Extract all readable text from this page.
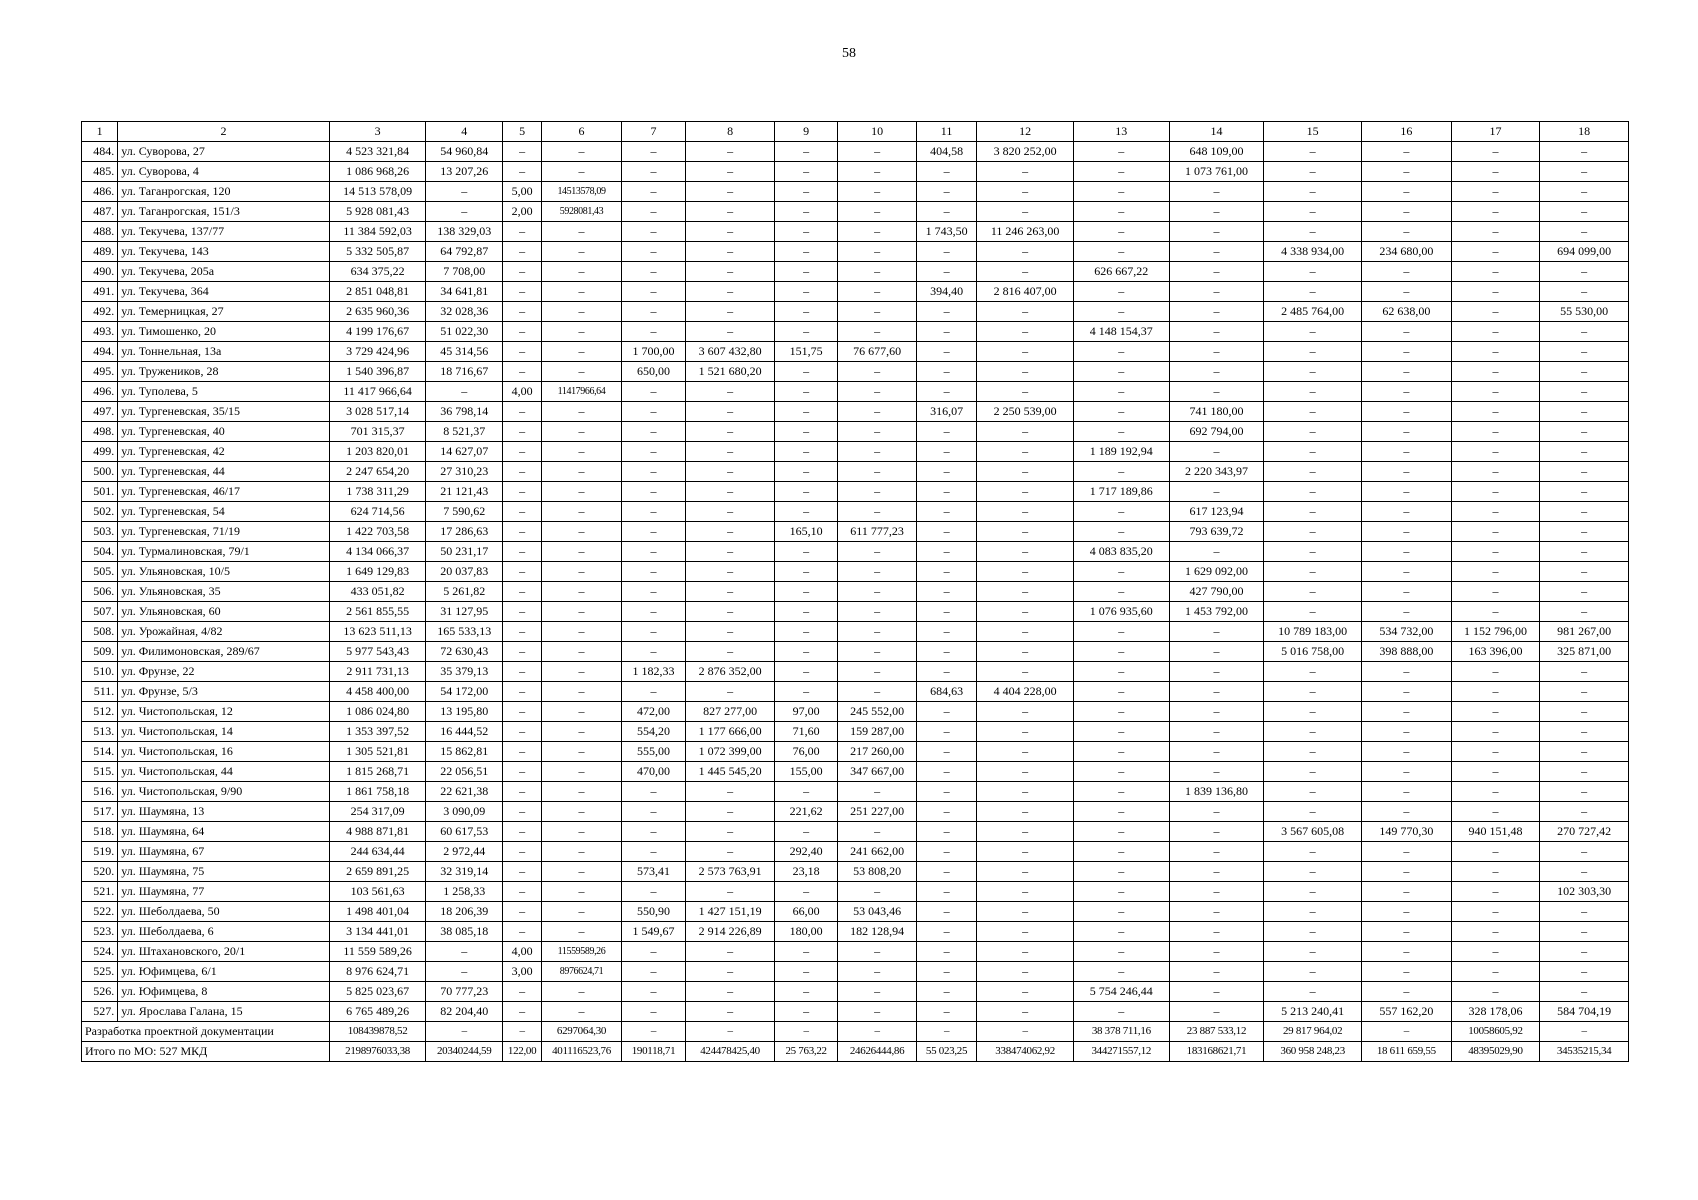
58
1	2	3	4	5	6	7	8	9	10	11	12	13	14	15	16	17	18
484.	ул. Суворова, 27	4 523 321,84	54 960,84	–	–	–	–	–	–	404,58	3 820 252,00	–	648 109,00	–	–	–	–
485.	ул. Суворова, 4	1 086 968,26	13 207,26	–	–	–	–	–	–	–	–	–	1 073 761,00	–	–	–	–
486.	ул. Таганрогская, 120	14 513 578,09	–	5,00	14513578,09	–	–	–	–	–	–	–	–	–	–	–	–
487.	ул. Таганрогская, 151/3	5 928 081,43	–	2,00	5928081,43	–	–	–	–	–	–	–	–	–	–	–	–
488.	ул. Текучева, 137/77	11 384 592,03	138 329,03	–	–	–	–	–	–	1 743,50	11 246 263,00	–	–	–	–	–	–
489.	ул. Текучева, 143	5 332 505,87	64 792,87	–	–	–	–	–	–	–	–	–	–	4 338 934,00	234 680,00	–	694 099,00
490.	ул. Текучева, 205а	634 375,22	7 708,00	–	–	–	–	–	–	–	–	626 667,22	–	–	–	–	–
491.	ул. Текучева, 364	2 851 048,81	34 641,81	–	–	–	–	–	–	394,40	2 816 407,00	–	–	–	–	–	–
492.	ул. Темерницкая, 27	2 635 960,36	32 028,36	–	–	–	–	–	–	–	–	–	–	2 485 764,00	62 638,00	–	55 530,00
493.	ул. Тимошенко, 20	4 199 176,67	51 022,30	–	–	–	–	–	–	–	–	4 148 154,37	–	–	–	–	–
494.	ул. Тоннельная, 13а	3 729 424,96	45 314,56	–	–	1 700,00	3 607 432,80	151,75	76 677,60	–	–	–	–	–	–	–	–
495.	ул. Тружеников, 28	1 540 396,87	18 716,67	–	–	650,00	1 521 680,20	–	–	–	–	–	–	–	–	–	–
496.	ул. Туполева, 5	11 417 966,64	–	4,00	11417966,64	–	–	–	–	–	–	–	–	–	–	–	–
497.	ул. Тургеневская, 35/15	3 028 517,14	36 798,14	–	–	–	–	–	–	316,07	2 250 539,00	–	741 180,00	–	–	–	–
498.	ул. Тургеневская, 40	701 315,37	8 521,37	–	–	–	–	–	–	–	–	–	692 794,00	–	–	–	–
499.	ул. Тургеневская, 42	1 203 820,01	14 627,07	–	–	–	–	–	–	–	–	1 189 192,94	–	–	–	–	–
500.	ул. Тургеневская, 44	2 247 654,20	27 310,23	–	–	–	–	–	–	–	–	–	2 220 343,97	–	–	–	–
501.	ул. Тургеневская, 46/17	1 738 311,29	21 121,43	–	–	–	–	–	–	–	–	1 717 189,86	–	–	–	–	–
502.	ул. Тургеневская, 54	624 714,56	7 590,62	–	–	–	–	–	–	–	–	–	617 123,94	–	–	–	–
503.	ул. Тургеневская, 71/19	1 422 703,58	17 286,63	–	–	–	–	165,10	611 777,23	–	–	–	793 639,72	–	–	–	–
504.	ул. Турмалиновская, 79/1	4 134 066,37	50 231,17	–	–	–	–	–	–	–	–	4 083 835,20	–	–	–	–	–
505.	ул. Ульяновская, 10/5	1 649 129,83	20 037,83	–	–	–	–	–	–	–	–	–	1 629 092,00	–	–	–	–
506.	ул. Ульяновская, 35	433 051,82	5 261,82	–	–	–	–	–	–	–	–	–	427 790,00	–	–	–	–
507.	ул. Ульяновская, 60	2 561 855,55	31 127,95	–	–	–	–	–	–	–	–	1 076 935,60	1 453 792,00	–	–	–	–
508.	ул. Урожайная, 4/82	13 623 511,13	165 533,13	–	–	–	–	–	–	–	–	–	–	10 789 183,00	534 732,00	1 152 796,00	981 267,00
509.	ул. Филимоновская, 289/67	5 977 543,43	72 630,43	–	–	–	–	–	–	–	–	–	–	5 016 758,00	398 888,00	163 396,00	325 871,00
510.	ул. Фрунзе, 22	2 911 731,13	35 379,13	–	–	1 182,33	2 876 352,00	–	–	–	–	–	–	–	–	–	–
511.	ул. Фрунзе, 5/3	4 458 400,00	54 172,00	–	–	–	–	–	–	684,63	4 404 228,00	–	–	–	–	–	–
512.	ул. Чистопольская, 12	1 086 024,80	13 195,80	–	–	472,00	827 277,00	97,00	245 552,00	–	–	–	–	–	–	–	–
513.	ул. Чистопольская, 14	1 353 397,52	16 444,52	–	–	554,20	1 177 666,00	71,60	159 287,00	–	–	–	–	–	–	–	–
514.	ул. Чистопольская, 16	1 305 521,81	15 862,81	–	–	555,00	1 072 399,00	76,00	217 260,00	–	–	–	–	–	–	–	–
515.	ул. Чистопольская, 44	1 815 268,71	22 056,51	–	–	470,00	1 445 545,20	155,00	347 667,00	–	–	–	–	–	–	–	–
516.	ул. Чистопольская, 9/90	1 861 758,18	22 621,38	–	–	–	–	–	–	–	–	–	1 839 136,80	–	–	–	–
517.	ул. Шаумяна, 13	254 317,09	3 090,09	–	–	–	–	221,62	251 227,00	–	–	–	–	–	–	–	–
518.	ул. Шаумяна, 64	4 988 871,81	60 617,53	–	–	–	–	–	–	–	–	–	–	3 567 605,08	149 770,30	940 151,48	270 727,42
519.	ул. Шаумяна, 67	244 634,44	2 972,44	–	–	–	–	292,40	241 662,00	–	–	–	–	–	–	–	–
520.	ул. Шаумяна, 75	2 659 891,25	32 319,14	–	–	573,41	2 573 763,91	23,18	53 808,20	–	–	–	–	–	–	–	–
521.	ул. Шаумяна, 77	103 561,63	1 258,33	–	–	–	–	–	–	–	–	–	–	–	–	–	102 303,30
522.	ул. Шеболдаева, 50	1 498 401,04	18 206,39	–	–	550,90	1 427 151,19	66,00	53 043,46	–	–	–	–	–	–	–	–
523.	ул. Шеболдаева, 6	3 134 441,01	38 085,18	–	–	1 549,67	2 914 226,89	180,00	182 128,94	–	–	–	–	–	–	–	–
524.	ул. Штахановского, 20/1	11 559 589,26	–	4,00	11559589,26	–	–	–	–	–	–	–	–	–	–	–	–
525.	ул. Юфимцева, 6/1	8 976 624,71	–	3,00	8976624,71	–	–	–	–	–	–	–	–	–	–	–	–
526.	ул. Юфимцева, 8	5 825 023,67	70 777,23	–	–	–	–	–	–	–	–	5 754 246,44	–	–	–	–	–
527.	ул. Ярослава Галана, 15	6 765 489,26	82 204,40	–	–	–	–	–	–	–	–	–	–	5 213 240,41	557 162,20	328 178,06	584 704,19
Разработка проектной документации		108439878,52	–	–	6297064,30	–	–	–	–	–	–	38 378 711,16	23 887 533,12	29 817 964,02	–	10058605,92	–
Итого по МО: 527 МКД		2198976033,38	20340244,59	122,00	401116523,76	190118,71	424478425,40	25 763,22	24626444,86	55 023,25	338474062,92	344271557,12	183168621,71	360 958 248,23	18 611 659,55	48395029,90	34535215,34
